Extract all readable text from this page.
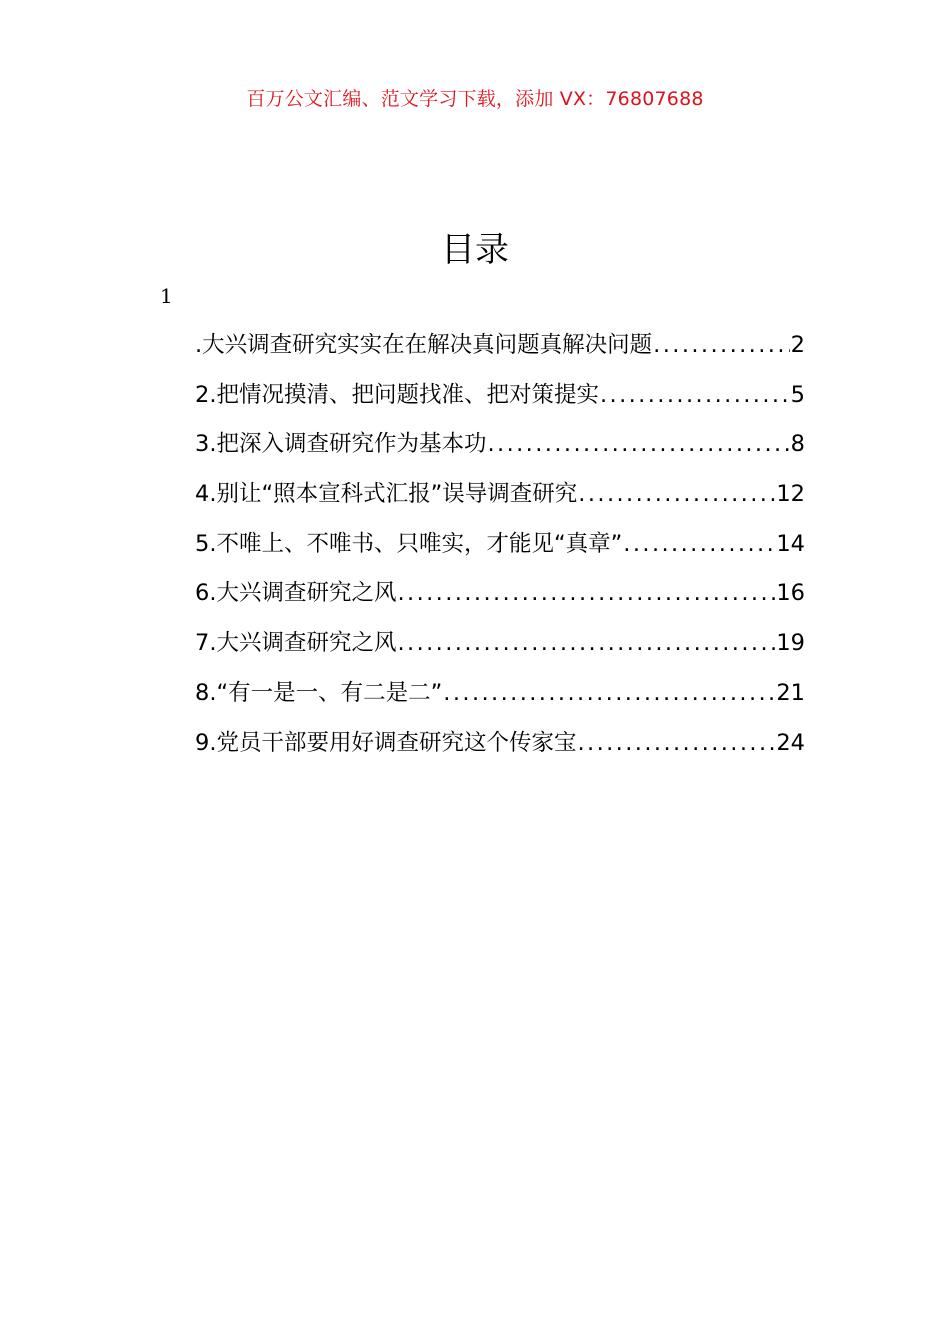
百万公文汇编、范文学习下载，添加 VX：76807688
目录
1
.大兴调查研究实实在在解决真问题真解决问题 .....	2
2.把情况摸清、把问题找准、把对策提实 .....	5
3.把深入调查研究作为基本功 .....	8
4.别让“照本宣科式汇报”误导调查研究 .....	12
5.不唯上、不唯书、只唯实，才能见“真章” .....	14
6.大兴调查研究之风 .....	16
7.大兴调查研究之风 .....	19
8.“有一是一、有二是二” .....	21
9.党员干部要用好调查研究这个传家宝 .....	24
